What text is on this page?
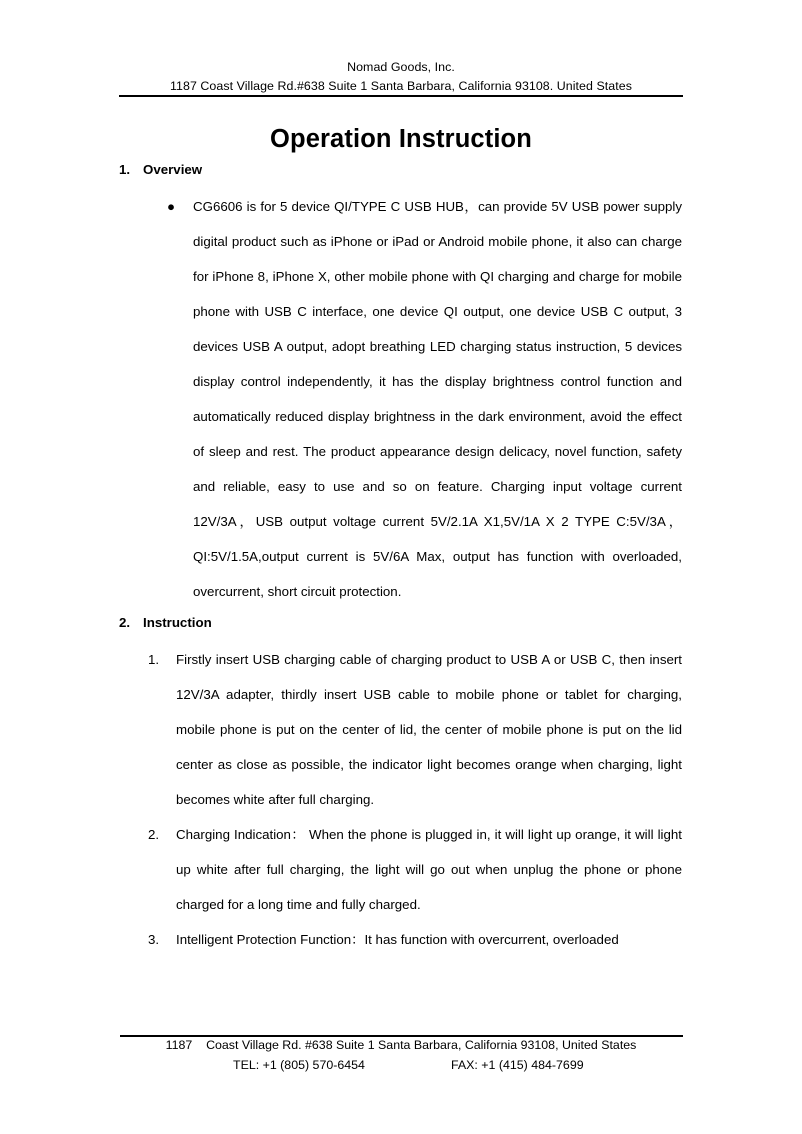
Nomad Goods, Inc.
1187 Coast Village Rd.#638 Suite 1 Santa Barbara, California 93108. United States
Operation Instruction
1. Overview
● CG6606 is for 5 device QI/TYPE C USB HUB，can provide 5V USB power supply digital product such as iPhone or iPad or Android mobile phone, it also can charge for iPhone 8, iPhone X, other mobile phone with QI charging and charge for mobile phone with USB C interface, one device QI output, one device USB C output, 3 devices USB A output, adopt breathing LED charging status instruction, 5 devices display control independently, it has the display brightness control function and automatically reduced display brightness in the dark environment, avoid the effect of sleep and rest. The product appearance design delicacy, novel function, safety and reliable, easy to use and so on feature. Charging input voltage current 12V/3A，USB output voltage current 5V/2.1A X1,5V/1A X 2 TYPE C:5V/3A，QI:5V/1.5A,output current is 5V/6A Max, output has function with overloaded, overcurrent, short circuit protection.
2. Instruction
1. Firstly insert USB charging cable of charging product to USB A or USB C, then insert 12V/3A adapter, thirdly insert USB cable to mobile phone or tablet for charging, mobile phone is put on the center of lid, the center of mobile phone is put on the lid center as close as possible, the indicator light becomes orange when charging, light becomes white after full charging.
2. Charging Indication： When the phone is plugged in, it will light up orange, it will light up white after full charging, the light will go out when unplug the phone or phone charged for a long time and fully charged.
3. Intelligent Protection Function：It has function with overcurrent, overloaded
1187    Coast Village Rd. #638 Suite 1 Santa Barbara, California 93108, United States
TEL: +1 (805) 570-6454	FAX: +1 (415) 484-7699
